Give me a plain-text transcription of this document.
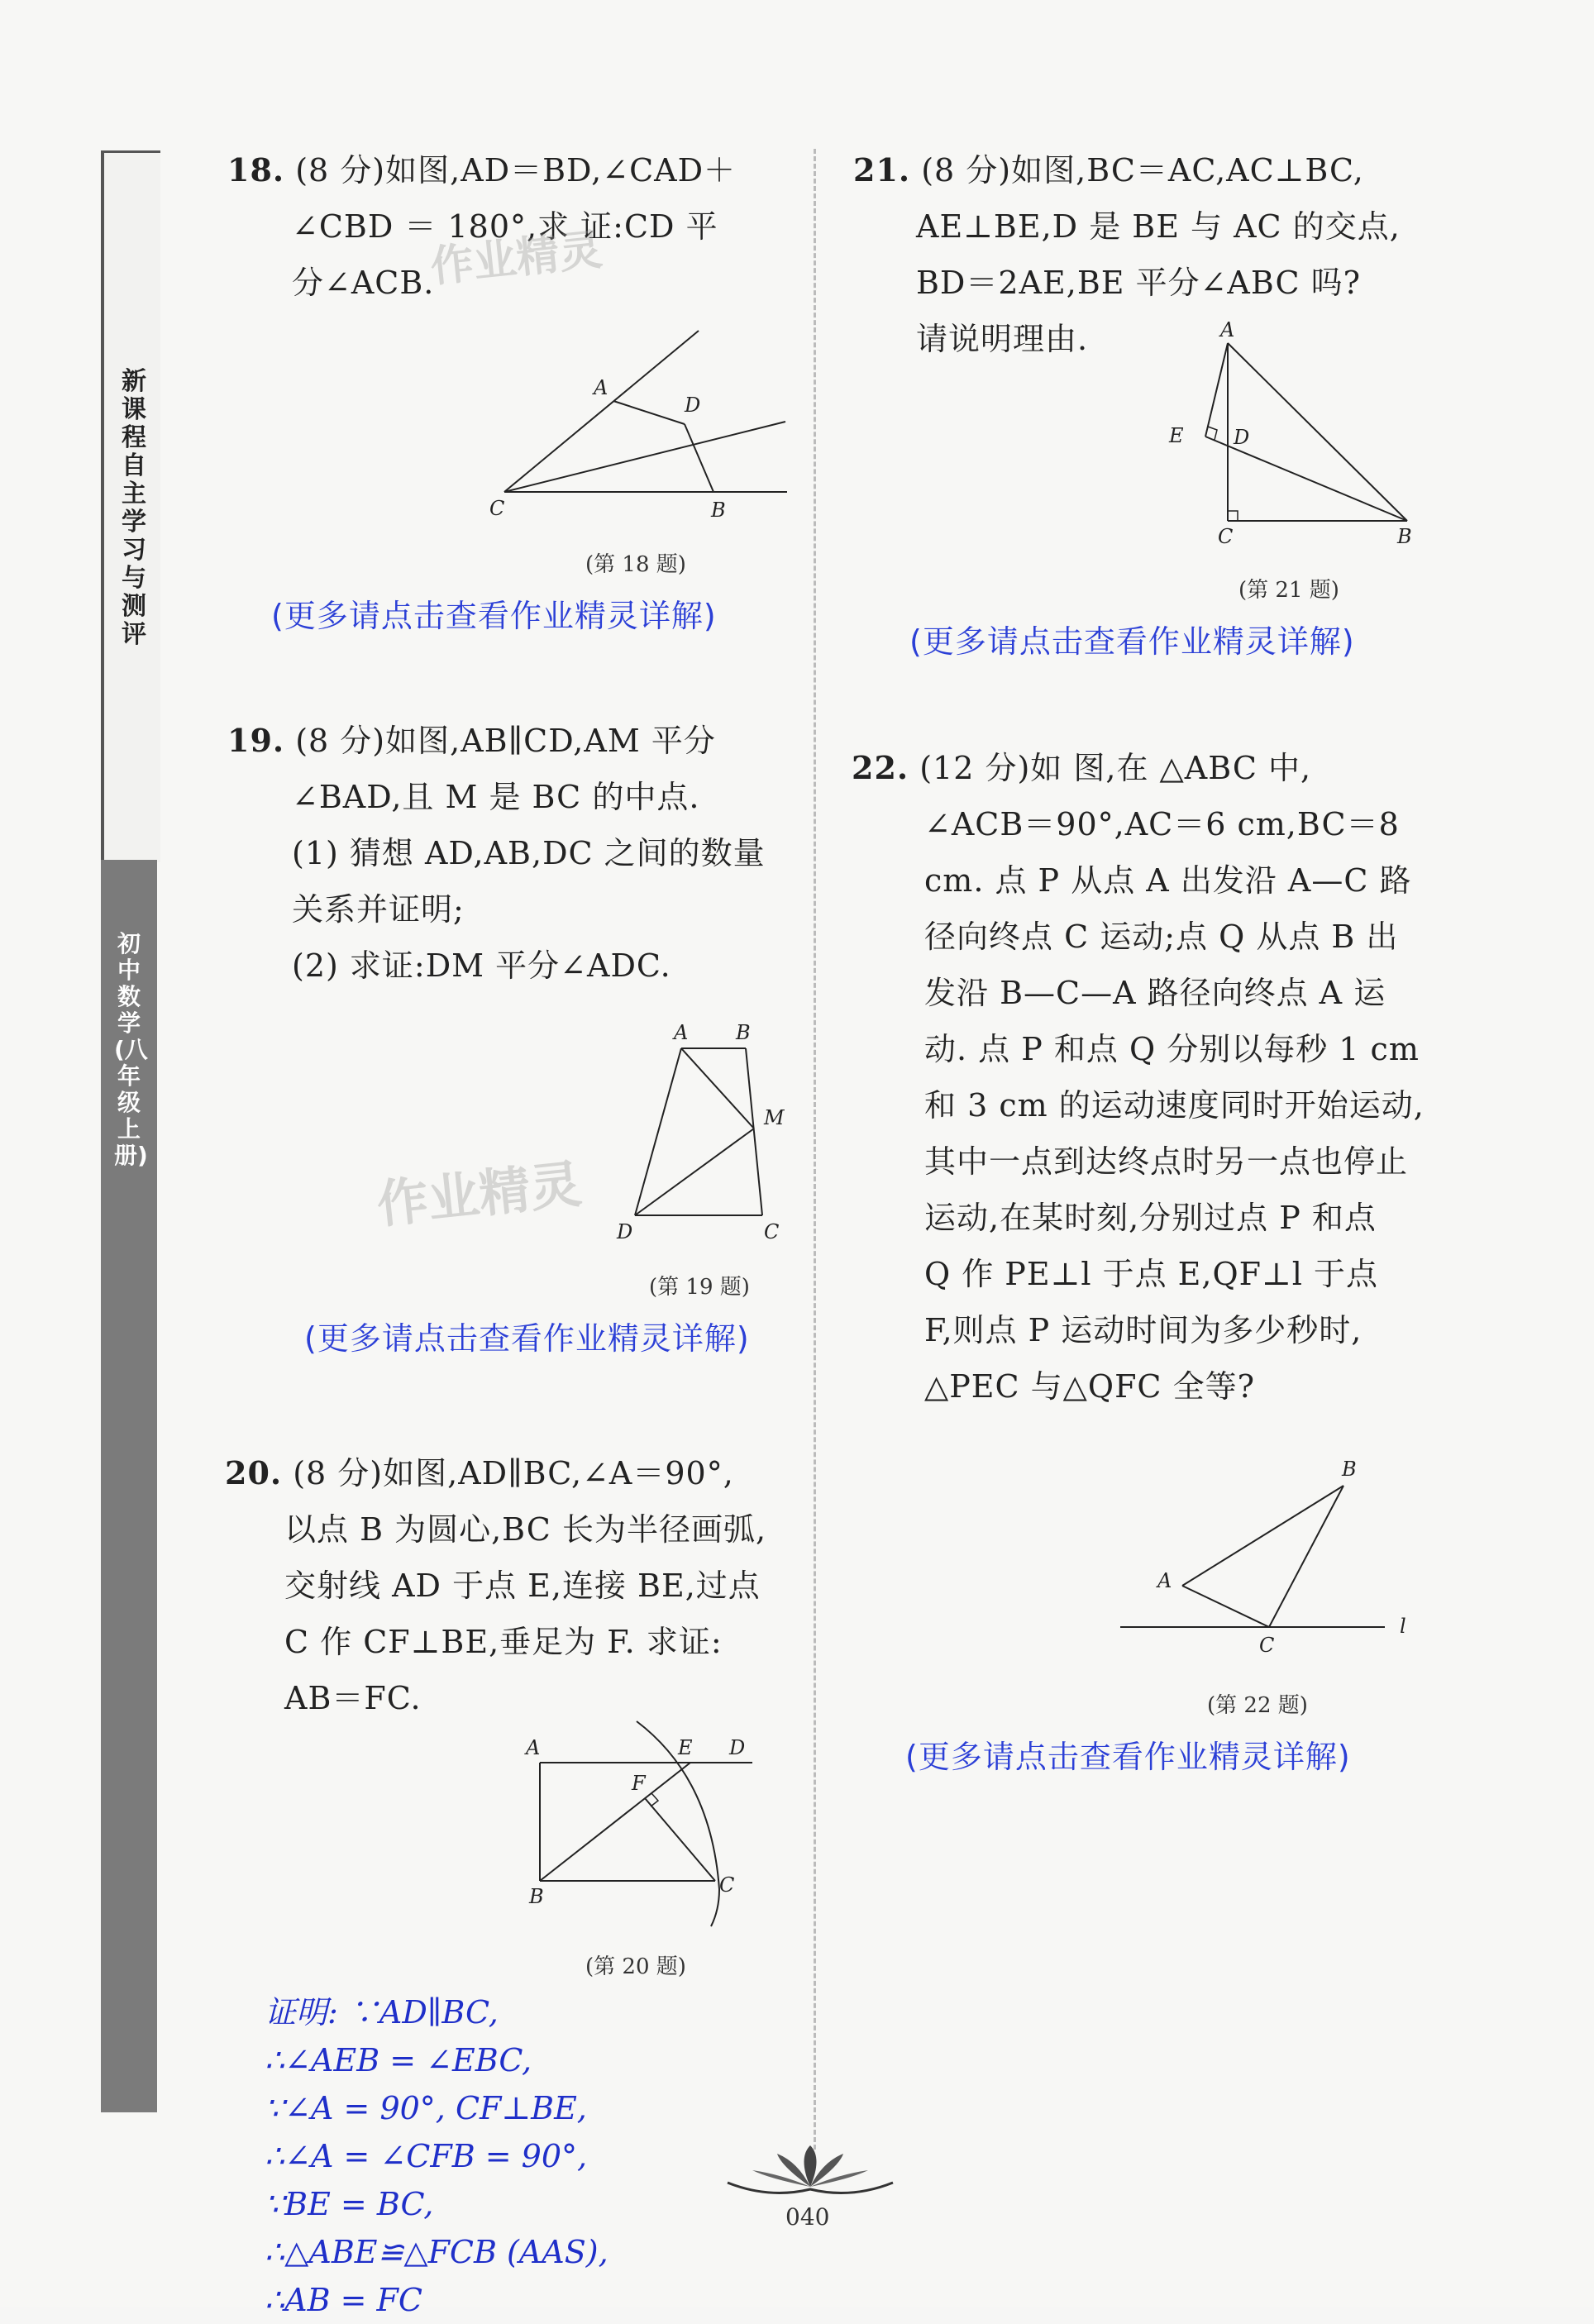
新课程自主学习与测评
初中数学(八年级上册)
18. (8 分)如图,AD＝BD,∠CAD＋
∠CBD ＝ 180°,求 证:CD 平
分∠ACB.
作业精灵
A
D
C	B
(第 18 题)
(更多请点击查看作业精灵详解)
19. (8 分)如图,AB∥CD,AM 平分
∠BAD,且 M 是 BC 的中点.
(1) 猜想 AD,AB,DC 之间的数量
关系并证明;
(2) 求证:DM 平分∠ADC.
作业精灵
A B
M
D	C
(第 19 题)
(更多请点击查看作业精灵详解)
20. (8 分)如图,AD∥BC,∠A＝90°,
以点 B 为圆心,BC 长为半径画弧,
交射线 AD 于点 E,连接 BE,过点
C 作 CF⊥BE,垂足为 F. 求证:
AB＝FC.
A	E D
F
B	C
(第 20 题)
证明: ∵AD∥BC,
∴∠AEB = ∠EBC,
∵∠A = 90°, CF⊥BE,
∴∠A = ∠CFB = 90°,
∵BE = BC,
∴△ABE≌△FCB (AAS),
∴AB = FC
21. (8 分)如图,BC＝AC,AC⊥BC,
AE⊥BE,D 是 BE 与 AC 的交点,
BD＝2AE,BE 平分∠ABC 吗?
请说明理由.	A
E	D
C	B
(第 21 题)
(更多请点击查看作业精灵详解)
22. (12 分)如 图,在 △ABC 中,
∠ACB＝90°,AC＝6 cm,BC＝8
cm. 点 P 从点 A 出发沿 A—C 路
径向终点 C 运动;点 Q 从点 B 出
发沿 B—C—A 路径向终点 A 运
动. 点 P 和点 Q 分别以每秒 1 cm
和 3 cm 的运动速度同时开始运动,
其中一点到达终点时另一点也停止
运动,在某时刻,分别过点 P 和点
Q 作 PE⊥l 于点 E,QF⊥l 于点
F,则点 P 运动时间为多少秒时,
△PEC 与△QFC 全等?
B
A
C
l
(第 22 题)
(更多请点击查看作业精灵详解)
040
